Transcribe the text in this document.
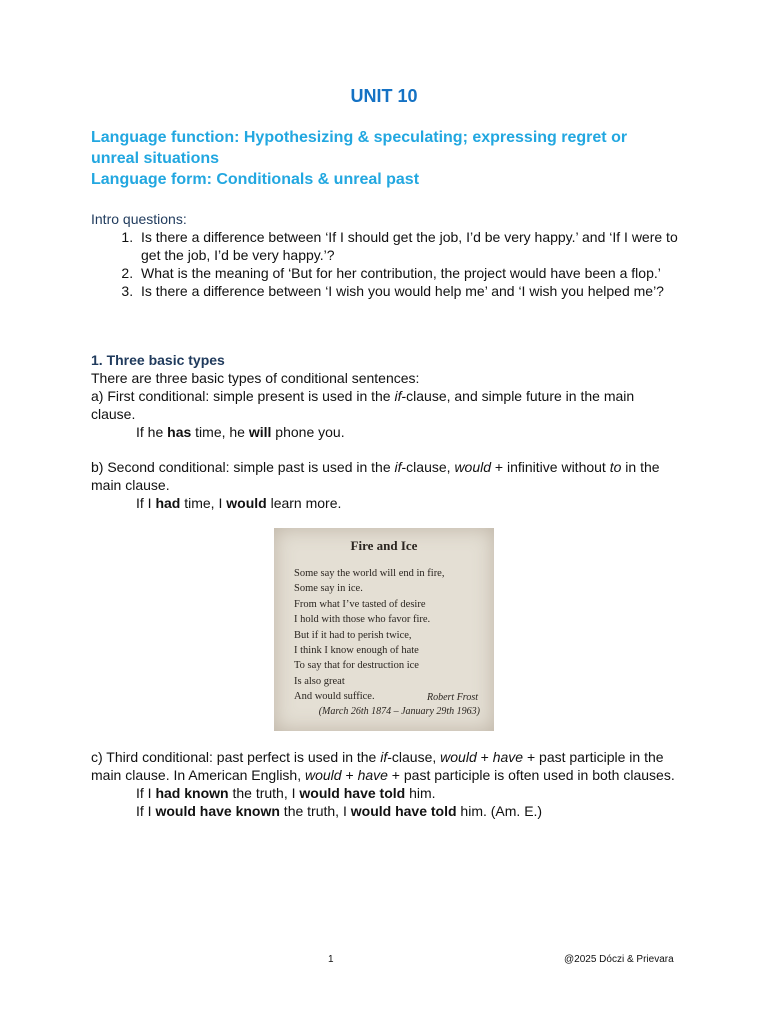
UNIT 10
Language function: Hypothesizing & speculating; expressing regret or
unreal situations
Language form: Conditionals & unreal past
Intro questions:
1. Is there a difference between ‘If I should get the job, I’d be very happy.’ and ‘If I were to get the job, I’d be very happy.’?
2. What is the meaning of ‘But for her contribution, the project would have been a flop.’
3. Is there a difference between ‘I wish you would help me’ and ‘I wish you helped me’?
1. Three basic types
There are three basic types of conditional sentences:
a) First conditional: simple present is used in the if-clause, and simple future in the main clause.
If he has time, he will phone you.
b) Second conditional: simple past is used in the if-clause, would + infinitive without to in the main clause.
If I had time, I would learn more.
Fire and Ice
Some say the world will end in fire,
Some say in ice.
From what I’ve tasted of desire
I hold with those who favor fire.
But if it had to perish twice,
I think I know enough of hate
To say that for destruction ice
Is also great
And would suffice.	Robert Frost
(March 26th 1874 – January 29th 1963)
c) Third conditional: past perfect is used in the if-clause, would + have + past participle in the main clause. In American English, would + have + past participle is often used in both clauses.
If I had known the truth, I would have told him.
If I would have known the truth, I would have told him. (Am. E.)
1	@2025 Dóczi & Prievara
